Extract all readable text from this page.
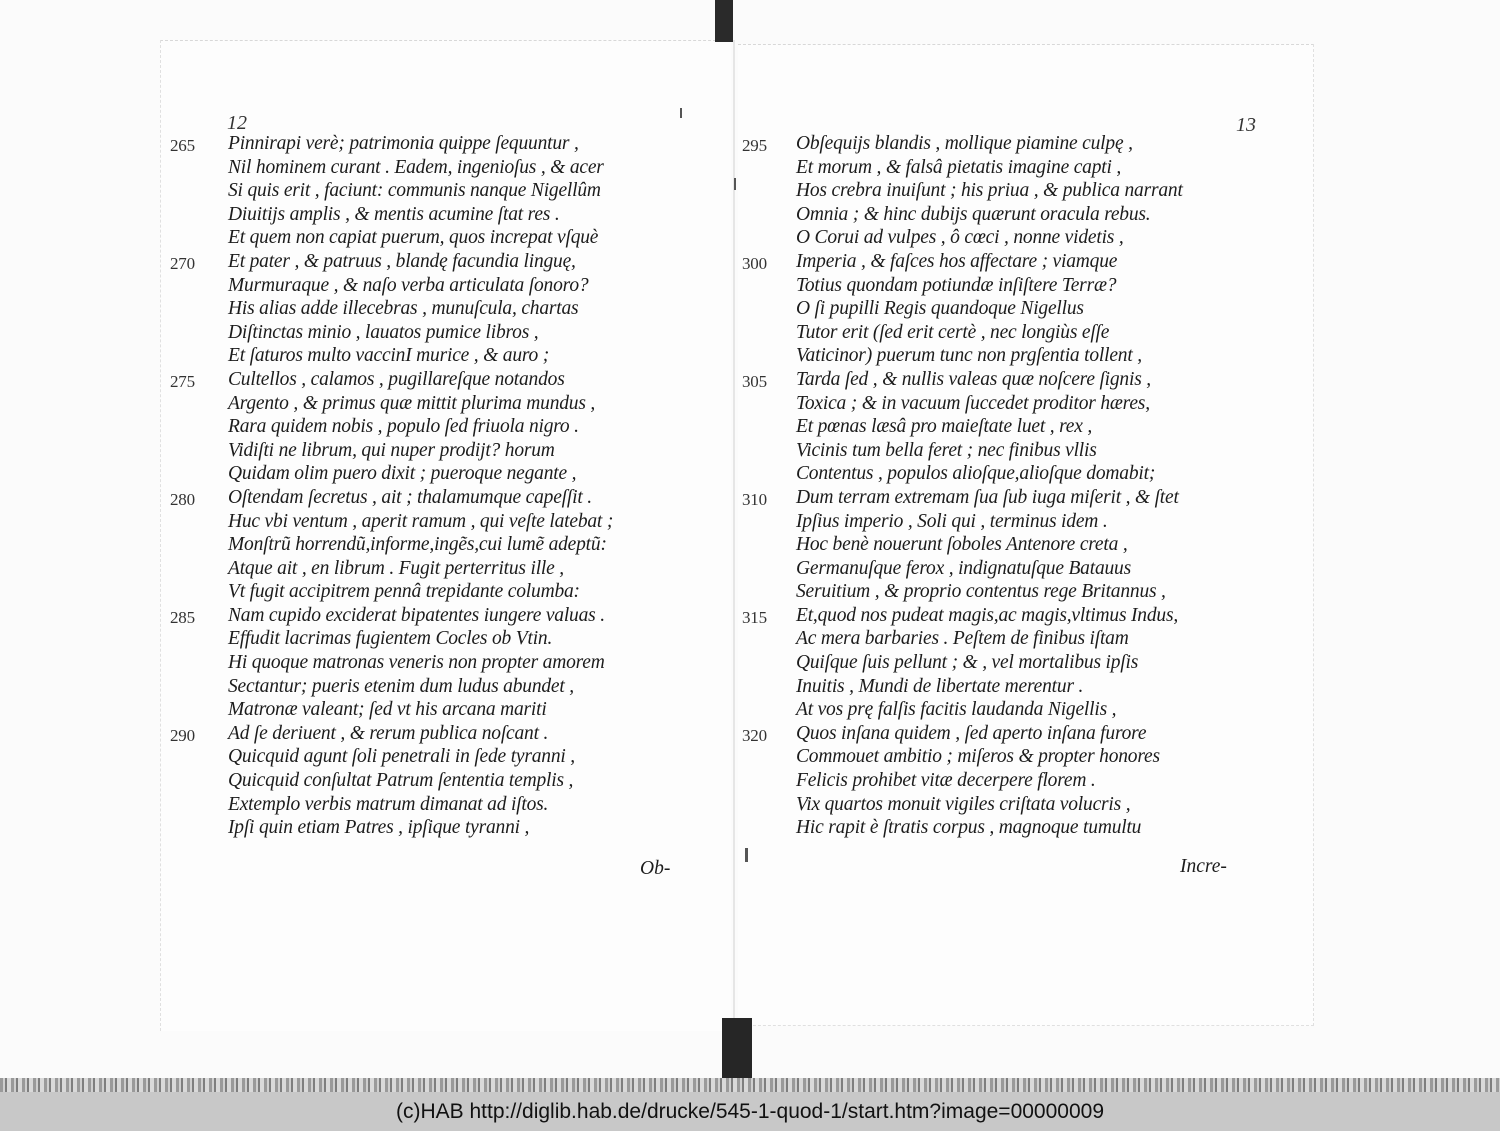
12	13
265 Pinnirapi verè; patrimonia quippe ſequuntur ,
Nil hominem curant . Eadem, ingenioſus , & acer
Si quis erit , faciunt: communis nanque Nigellûm
Diuitijs amplis , & mentis acumine ſtat res .
Et quem non capiat puerum, quos increpat vſquè
270 Et pater , & patruus , blandę facundia linguę,
Murmuraque , & naſo verba articulata ſonoro?
His alias adde illecebras , munuſcula, chartas
Diſtinctas minio , lauatos pumice libros ,
Et ſaturos multo vaccinI murice , & auro ;
275 Cultellos , calamos , pugillareſque notandos
Argento , & primus quæ mittit plurima mundus ,
Rara quidem nobis , populo ſed friuola nigro .
Vidiſti ne librum, qui nuper prodijt? horum
Quidam olim puero dixit ; pueroque negante ,
280 Oſtendam ſecretus , ait ; thalamumque capeſſit .
Huc vbi ventum , aperit ramum , qui veſte latebat ;
Monſtrũ horrendũ,informe,ingẽs,cui lumẽ adeptũ:
Atque ait , en librum . Fugit perterritus ille ,
Vt fugit accipitrem pennâ trepidante columba:
285 Nam cupido exciderat bipatentes iungere valuas .
Effudit lacrimas fugientem Cocles ob Vtin.
Hi quoque matronas veneris non propter amorem
Sectantur; pueris etenim dum ludus abundet ,
Matronæ valeant; ſed vt his arcana mariti
290 Ad ſe deriuent , & rerum publica noſcant .
Quicquid agunt ſoli penetrali in ſede tyranni ,
Quicquid conſultat Patrum ſententia templis ,
Extemplo verbis matrum dimanat ad iſtos.
Ipſi quin etiam Patres , ipſique tyranni ,
295 Obſequijs blandis , mollique piamine culpę ,
Et morum , & falsâ pietatis imagine capti ,
Hos crebra inuiſunt ; his priua , & publica narrant
Omnia ; & hinc dubijs quærunt oracula rebus.
O Corui ad vulpes , ô cœci , nonne videtis ,
300 Imperia , & faſces hos affectare ; viamque
Totius quondam potiundæ inſiſtere Terræ?
O ſi pupilli Regis quandoque Nigellus
Tutor erit (ſed erit certè , nec longiùs eſſe
Vaticinor) puerum tunc non prgſentia tollent ,
305 Tarda ſed , & nullis valeas quæ noſcere ſignis ,
Toxica ; & in vacuum ſuccedet proditor hæres,
Et pœnas læsâ pro maieſtate luet , rex ,
Vicinis tum bella feret ; nec finibus vllis
Contentus , populos alioſque,alioſque domabit;
310 Dum terram extremam ſua ſub iuga miſerit , & ſtet
Ipſius imperio , Soli qui , terminus idem .
Hoc benè nouerunt ſoboles Antenore creta ,
Germanuſque ferox , indignatuſque Batauus
Seruitium , & proprio contentus rege Britannus ,
315 Et,quod nos pudeat magis,ac magis,vltimus Indus,
Ac mera barbaries . Peſtem de finibus iſtam
Quiſque ſuis pellunt ; & , vel mortalibus ipſis
Inuitis , Mundi de libertate merentur .
At vos prę falſis facitis laudanda Nigellis ,
320 Quos inſana quidem , ſed aperto inſana furore
Commouet ambitio ; miſeros & propter honores
Felicis prohibet vitæ decerpere florem .
Vix quartos monuit vigiles criſtata volucris ,
Hic rapit è ſtratis corpus , magnoque tumultu
Ob-	Incre-
(c)HAB http://diglib.hab.de/drucke/545-1-quod-1/start.htm?image=00000009
